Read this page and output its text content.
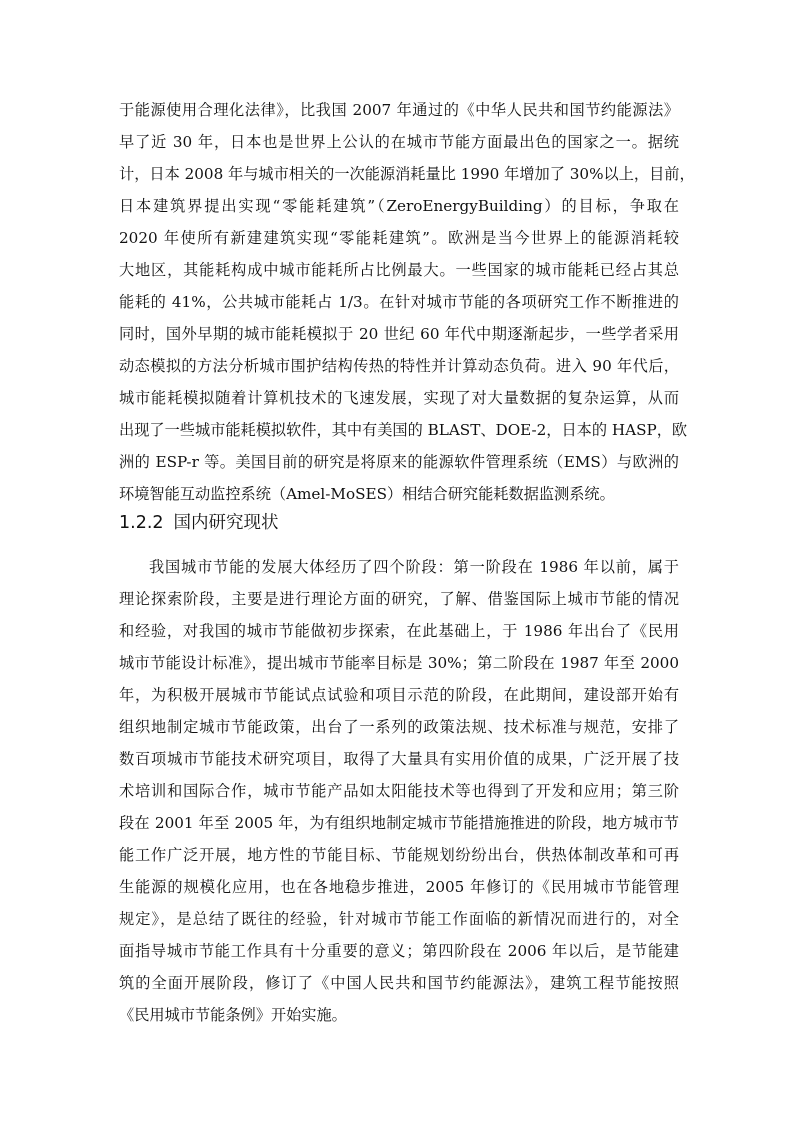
于能源使用合理化法律》，比我国 2007 年通过的《中华人民共和国节约能源法》
早了近 30 年，日本也是世界上公认的在城市节能方面最出色的国家之一。据统
计，日本 2008 年与城市相关的一次能源消耗量比 1990 年增加了 30%以上，目前，
日本建筑界提出实现“零能耗建筑”（ZeroEnergyBuilding）的目标，争取在
2020 年使所有新建建筑实现“零能耗建筑”。欧洲是当今世界上的能源消耗较
大地区，其能耗构成中城市能耗所占比例最大。一些国家的城市能耗已经占其总
能耗的 41%，公共城市能耗占 1/3。在针对城市节能的各项研究工作不断推进的
同时，国外早期的城市能耗模拟于 20 世纪 60 年代中期逐渐起步，一些学者采用
动态模拟的方法分析城市围护结构传热的特性并计算动态负荷。进入 90 年代后，
城市能耗模拟随着计算机技术的飞速发展，实现了对大量数据的复杂运算，从而
出现了一些城市能耗模拟软件，其中有美国的 BLAST、DOE-2，日本的 HASP，欧
洲的 ESP-r 等。美国目前的研究是将原来的能源软件管理系统（EMS）与欧洲的
环境智能互动监控系统（Amel-MoSES）相结合研究能耗数据监测系统。
1.2.2 国内研究现状
我国城市节能的发展大体经历了四个阶段：第一阶段在 1986 年以前，属于
理论探索阶段，主要是进行理论方面的研究，了解、借鉴国际上城市节能的情况
和经验，对我国的城市节能做初步探索，在此基础上，于 1986 年出台了《民用
城市节能设计标准》，提出城市节能率目标是 30%；第二阶段在 1987 年至 2000
年，为积极开展城市节能试点试验和项目示范的阶段，在此期间，建设部开始有
组织地制定城市节能政策，出台了一系列的政策法规、技术标准与规范，安排了
数百项城市节能技术研究项目，取得了大量具有实用价值的成果，广泛开展了技
术培训和国际合作，城市节能产品如太阳能技术等也得到了开发和应用；第三阶
段在 2001 年至 2005 年，为有组织地制定城市节能措施推进的阶段，地方城市节
能工作广泛开展，地方性的节能目标、节能规划纷纷出台，供热体制改革和可再
生能源的规模化应用，也在各地稳步推进，2005 年修订的《民用城市节能管理
规定》，是总结了既往的经验，针对城市节能工作面临的新情况而进行的，对全
面指导城市节能工作具有十分重要的意义；第四阶段在 2006 年以后，是节能建
筑的全面开展阶段，修订了《中国人民共和国节约能源法》，建筑工程节能按照
《民用城市节能条例》开始实施。
